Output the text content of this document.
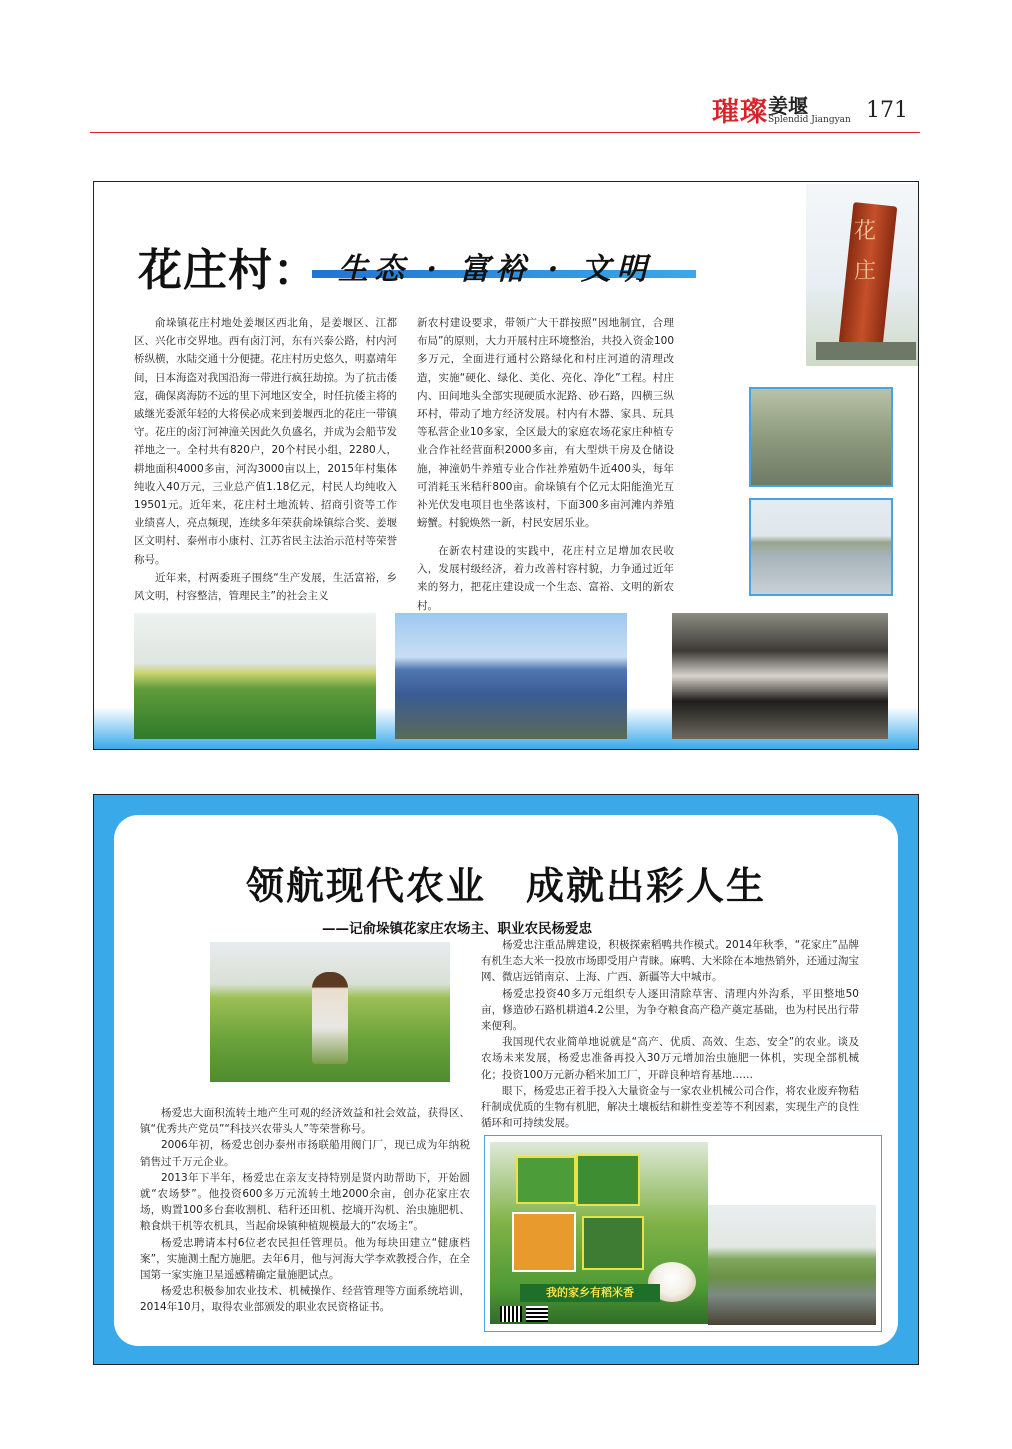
璀璨 姜堰
Splendid Jiangyan 171
花庄村： 生态 · 富裕 · 文明

俞垛镇花庄村地处姜堰区西北角，是姜堰区、江都区、兴化市交界地。西有卤汀河，东有兴泰公路，村内河桥纵横，水陆交通十分便捷。花庄村历史悠久，明嘉靖年间，日本海盗对我国沿海一带进行疯狂劫掠。为了抗击倭寇，确保离海防不远的里下河地区安全，时任抗倭主将的戚继光委派年轻的大将侯必成来到姜堰西北的花庄一带镇守。花庄的卤汀河神潼关因此久负盛名，并成为会船节发祥地之一。全村共有820户，20个村民小组，2280人，耕地面积4000多亩，河沟3000亩以上，2015年村集体纯收入40万元，三业总产值1.18亿元，村民人均纯收入19501元。近年来，花庄村土地流转、招商引资等工作业绩喜人，亮点频现，连续多年荣获俞垛镇综合奖、姜堰区文明村、泰州市小康村、江苏省民主法治示范村等荣誉称号。

近年来，村两委班子围绕“生产发展，生活富裕，乡风文明，村容整洁，管理民主”的社会主义

新农村建设要求，带领广大干群按照“因地制宜，合理布局”的原则，大力开展村庄环境整治，共投入资金100多万元，全面进行通村公路绿化和村庄河道的清理改造，实施“硬化、绿化、美化、亮化、净化”工程。村庄内、田间地头全部实现硬质水泥路、砂石路，四横三纵环村，带动了地方经济发展。村内有木器、家具、玩具等私营企业10多家，全区最大的家庭农场花家庄种植专业合作社经营面积2000多亩，有大型烘干房及仓储设施，神潼奶牛养殖专业合作社养殖奶牛近400头，每年可消耗玉米秸秆800亩。俞垛镇有个亿元太阳能渔光互补光伏发电项目也坐落该村，下面300多亩河滩内养殖螃蟹。村貌焕然一新，村民安居乐业。

在新农村建设的实践中，花庄村立足增加农民收入，发展村级经济，着力改善村容村貌，力争通过近年来的努力，把花庄建设成一个生态、富裕、文明的新农村。

花庄
领航现代农业　成就出彩人生
——记俞垛镇花家庄农场主、职业农民杨爱忠

杨爱忠大面积流转土地产生可观的经济效益和社会效益，获得区、镇“优秀共产党员”“科技兴农带头人”等荣誉称号。

2006年初，杨爱忠创办泰州市扬联船用阀门厂，现已成为年纳税销售过千万元企业。

2013年下半年，杨爱忠在亲友支持特别是贤内助帮助下，开始圆就“农场梦”。他投资600多万元流转土地2000余亩，创办花家庄农场，购置100多台套收割机、秸秆还田机、挖墒开沟机、治虫施肥机、粮食烘干机等农机具，当起俞垛镇种植规模最大的“农场主”。

杨爱忠聘请本村6位老农民担任管理员。他为每块田建立“健康档案”，实施测土配方施肥。去年6月，他与河海大学李欢教授合作，在全国第一家实施卫星遥感精确定量施肥试点。

杨爱忠积极参加农业技术、机械操作、经营管理等方面系统培训，2014年10月，取得农业部颁发的职业农民资格证书。

杨爱忠注重品牌建设，积极探索稻鸭共作模式。2014年秋季，“花家庄”品牌有机生态大米一投放市场即受用户青睐。麻鸭、大米除在本地热销外，还通过淘宝网、微店远销南京、上海、广西、新疆等大中城市。

杨爱忠投资40多万元组织专人逐田清除草害、清理内外沟系，平田整地50亩，修造砂石路机耕道4.2公里，为争夺粮食高产稳产奠定基础，也为村民出行带来便利。

我国现代农业简单地说就是“高产、优质、高效、生态、安全”的农业。谈及农场未来发展，杨爱忠准备再投入30万元增加治虫施肥一体机，实现全部机械化；投资100万元新办稻米加工厂，开辟良种培育基地……

眼下，杨爱忠正着手投入大量资金与一家农业机械公司合作，将农业废弃物秸秆制成优质的生物有机肥，解决土壤板结和耕性变差等不利因素，实现生产的良性循环和可持续发展。

我的家乡有稻米香
